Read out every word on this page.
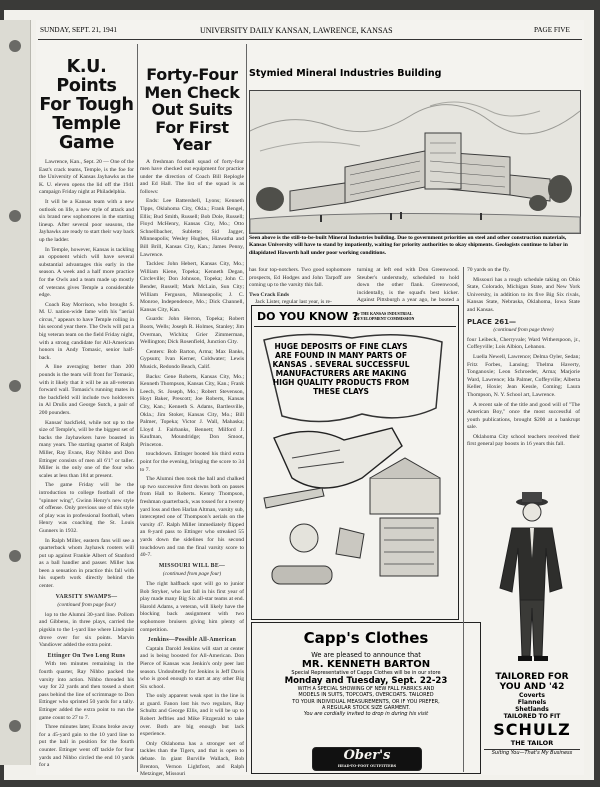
SUNDAY, SEPT. 21, 1941	UNIVERSITY DAILY KANSAN, LAWRENCE, KANSAS	PAGE FIVE
K.U. Points For Tough Temple Game

Lawrence, Kan., Sept. 20 — One of the East's crack teams, Temple, is the foe for the University of Kansas Jayhawks as the K. U. eleven opens the lid off the 1941 campaign Friday night at Philadelphia.

It will be a Kansas team with a new outlook on life, a new style of attack and six brand new sophomores in the starting lineup. After several poor seasons, the Jayhawks are ready to start their way back up the ladder.

In Temple, however, Kansas is tackling an opponent which will have several substantial advantages this early in the season. A week and a half more practice for the Owls and a team made up mostly of veterans gives Temple a considerable edge.

Coach Ray Morrison, who brought S. M. U. nation-wide fame with his "aerial circus," appears to have Temple rolling in his second year there. The Owls will put a big veteran team on the field Friday night, with a strong candidate for All-American honors in Andy Tomasic, senior half-back.

A line averaging better than 200 pounds is the team will front for Tomasic, with it likely that it will be an all-veteran forward wall. Tomasic's running mates in the backfield will include two holdovers in Al Drulis and George Sutch, a pair of 200 pounders.

Kansas' backfield, while not up to the size of Temple's, will be the biggest set of backs the Jayhawkers have boasted in many years. The starting quartet of Ralph Miller, Ray Evans, Ray Nihbo and Don Ettinger consists of men all 6'1" or taller. Miller is the only one of the four who scales at less than 184 at present.

The game Friday will be the introduction to college football of the "spinner wing", Gwinn Henry's new style of offense. Only previous use of this style of play was in professional football, when Henry was coaching the St. Louis Gunners in 1932.

In Ralph Miller, eastern fans will see a quarterback whom Jayhawk rooters will put up against Frankie Albert of Stanford as a ball handler and passer. Miller has been a sensation in practice this fall with his superb work directly behind the center.

VARSITY SWAMPS—
(continued from page four)

lop to the Alumni 30-yard line. Pollom and Gibbens, in three plays, carried the pigskin to the 1-yard line where Lindquist drove over for six points. Marvin Vandiover added the extra point.

Ettinger On Two Long Runs

With ten minutes remaining in the fourth quarter, Ray Nihbo packed the varsity into action. Nihbo threaded his way for 22 yards and then tossed a short pass behind the line of scrimmage to Don Ettinger who sprinted 50 yards for a tally. Ettinger added the extra point to run the game count to 27 to 7.

Three minutes later, Evans broke away for a 45-yard gain to the 10 yard line to put the ball in position for the fourth counter. Ettinger went off tackle for four yards and Nihbo circled the end 10 yards for a

Forty-Four Men Check Out Suits For First Year

A freshman football squad of forty-four men have checked out equipment for practice under the direction of Coach Bill Replogle and Ed Hall. The list of the squad is as follows:

Ends: Lee Battershell, Lyons; Kenneth Tipps, Oklahoma City, Okla.; Frank Bengel, Ellis; Bud Smith, Russell; Bob Dole, Russell; Floyd McHenry, Kansas City, Mo.; Otto Schnellbacher, Sublette; Sid Jagger, Minneapolis; Wesley Hughes, Hiawatha and Bill Brill, Kansas City, Kan.; James Penny, Lawrence.

Tackles: John Hebert, Kansas City, Mo.; William Kiene, Topeka; Kenneth Degan, Circleville; Don Johnson, Topeka; John C. Bender, Russell; Mark McLain, Sun City; William Ferguson, Minneapolis; J. C. Monroe, Independence, Mo.; Dick Channell, Kansas City, Kan.

Guards: John Herron, Topeka; Robert Boots, Wells; Joseph R. Holmes, Stanley; Jim Overman, Wichita; Grier Zimmerman, Wellington; Dick Rosenfield, Junction City.

Centers: Bob Barton, Arma; Max Banks, Gypsum; Ivan Kerner, Coldwater; Lewis Musick, Redondo Beach, Calif.

Backs: Gene Roberts, Kansas City, Mo.; Kenneth Thompson, Kansas City, Kan.; Frank Leech, St. Joseph, Mo.; Robert Stevenson, Hoyt Baker, Prescott; Joe Roberts, Kansas City, Kan.; Kenneth S. Adams, Bartlesville, Okla.; Jim Stoker, Kansas City, Mo.; Bill Palmer, Topeka; Victor J. Wall, Mahaska; Lloyd J. Fairbanks, Bennett; Milford J. Kaufman, Moundridge; Don Smoot, Princeton.

touchdown. Ettinger booted his third extra point for the evening, bringing the score to 34 to 7.

The Alumni then took the ball and chalked up two successive first downs both on passes from Hall to Roberts. Kenny Thompson, freshman quarterback, was tossed for a twenty yard loss and then Harlan Altman, varsity sub, intercepted one of Thompson's aerials on the varsity 47. Ralph Miller immediately flipped an 8-yard pass to Ettinger who streaked 55 yards down the sidelines for his second touchdown and ran the final varsity score to 40-7.

MISSOURI WILL BE—
(continued from page four)

The right halfback spot will go to junior Bob Stryker, who last fall in his first year of play made many Big Six all-star teams at end. Harold Adams, a veteran, will likely have the blocking back assignment with two sophomore bruisers giving him plenty of competition.

Jenkins—Possible All-American

Captain Darold Jenkins will start at center and is being boosted for All-American. Don Pierce of Kansas was Jenkin's only peer last season. Undoubtedly for Jenkins is Jeff Davis who is good enough to start at any other Big Six school.

The only apparent weak spot in the line is at guard. Fanon lost his two regulars, Ray Schultz and George Ellis, and it will be up to Robert Jeffries and Mike Fitzgerald to take over. Both are big enough but lack experience.

Only Oklahoma has a stronger set of tackles than the Tigers, and that is open to debate. In giant Burville Wallach, Bob Brenton, Vernon Lightfoot, and Ralph Metzinger, Missouri

Stymied Mineral Industries Building
Seen above is the still-to-be-built Mineral Industries building. Due to government priorities on steel and other construction materials, Kansas University will have to stand by impatiently, waiting for priority authorities to okay shipments. Geologists continue to labor in dilapidated Haworth hall under poor working conditions.

has four top-notchers. Two good sophomore prospects, Ed Hodges and John Tarpoff are coming up to the varsity this fall.

Two Crack Ends

Jack Lister, regular last year, is re-

turning at left end with Don Greenwood. Steuber's understudy, scheduled to hold down the other flank. Greenwood, incidentally, is the squad's best kicker. Against Pittsburgh a year ago, he booted a

DO YOU KNOW ?
By THE KANSAS INDUSTRIAL DEVELOPMENT COMMISSION
HUGE DEPOSITS OF FINE CLAYS ARE FOUND IN MANY PARTS OF KANSAS . SEVERAL SUCCESSFUL MANUFACTURERS ARE MAKING HIGH QUALITY PRODUCTS FROM THESE CLAYS
Capp's Clothes
We are pleased to announce that
MR. KENNETH BARTON
Special Representative of Capps Clothes will be in our store
Monday and Tuesday, Sept. 22-23
WITH A SPECIAL SHOWING OF NEW FALL FABRICS AND
MODELS IN SUITS, TOPCOATS, OVERCOATS. TAILORED
TO YOUR INDIVIDUAL MEASUREMENTS, OR IF YOU PREFER,
A REGULAR STOCK SIZE GARMENT.
You are cordially invited to drop in during his visit
Ober's
HEAD-TO-FOOT OUTFITTERS

70 yards on the fly.

Missouri has a rough schedule taking on Ohio State, Colorado, Michigan State, and New York University, in addition to its five Big Six rivals, Kansas State, Nebraska, Oklahoma, Iowa State and Kansas.

PLACE 261—
(continued from page three)

four Leibeck, Cherryvale; Ward Witherspoon, jr., Coffeyville; Lois Albion, Lebanon.

Luella Newell, Lawrence; Delma Oyler, Sedan; Fritz Forbes, Lansing; Thelma Haverty, Tonganoxie; Leon Schroeder, Arma; Marjorie Ward, Lawrence; Ida Palmer, Coffeyville; Alberta Keller, Hoxie; Jean Kessle, Coming; Laura Thompson, N. Y. School art, Lawrence.

A recent sale of the title and good will of "The American Boy," once the most successful of youth publications, brought $200 at a bankrupt sale.

Oklahoma City school teachers received their first general pay boosts in 16 years this fall.

TAILORED FOR
YOU AND '42
Coverts
Flannels
Shetlands
TAILORED TO FIT
SCHULZ
THE TAILOR
Suiting You—That's My Business
